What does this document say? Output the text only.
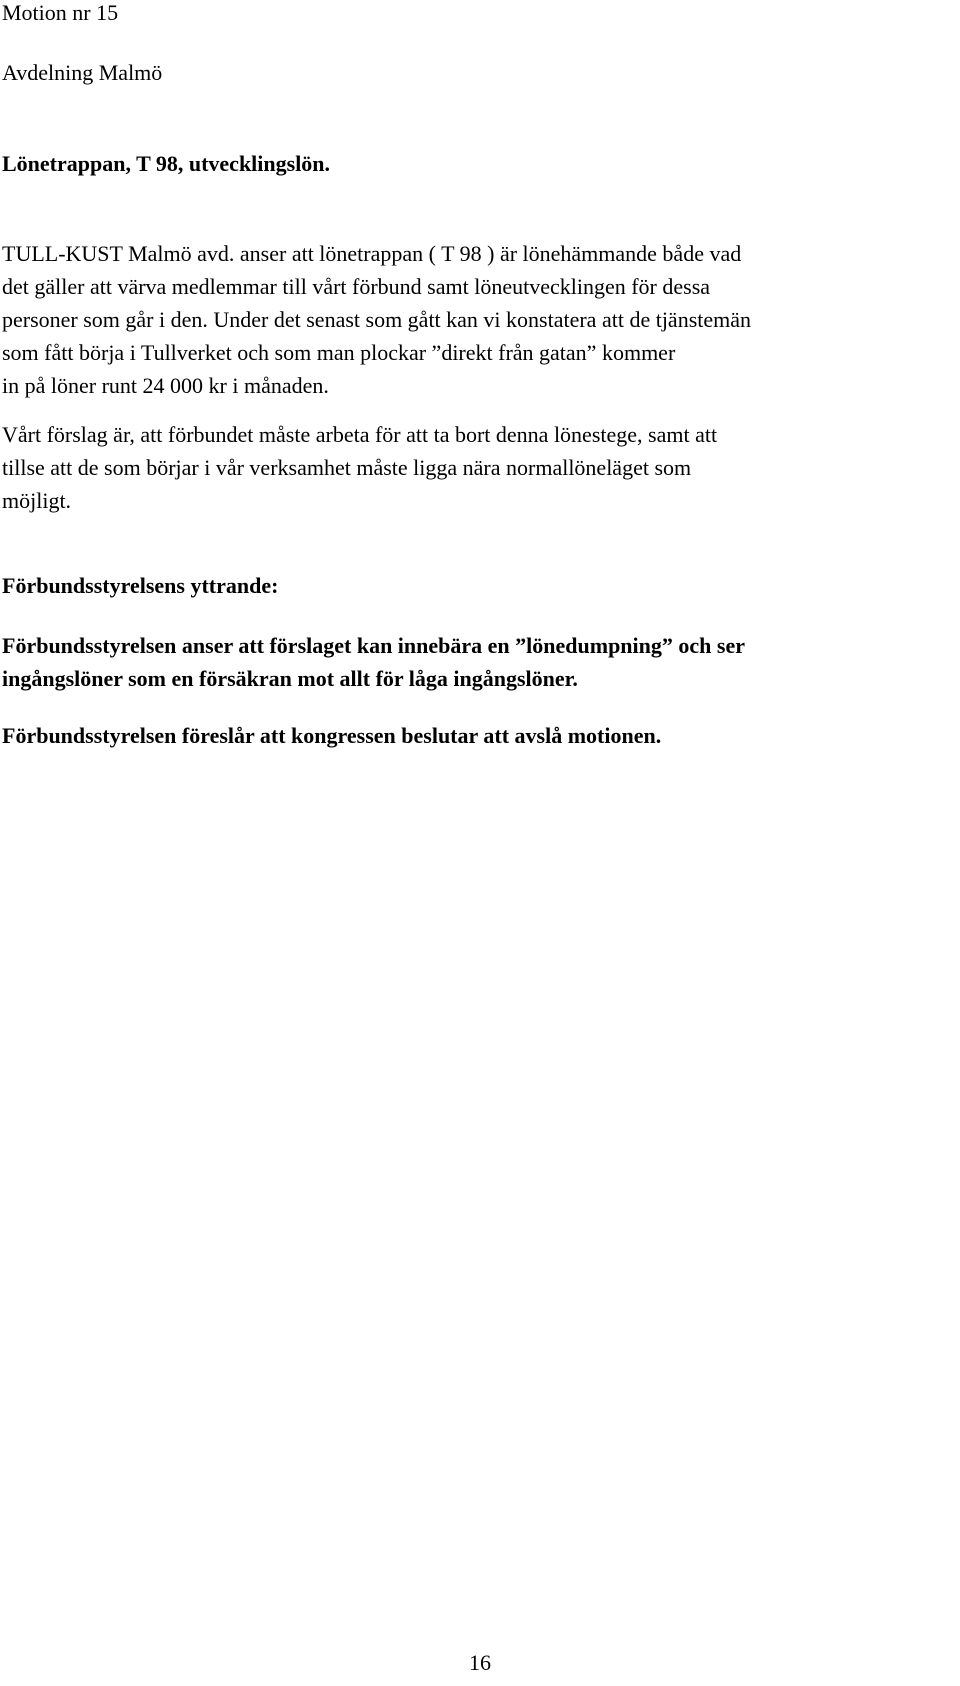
Motion nr 15

Avdelning Malmö

Lönetrappan, T 98, utvecklingslön.

TULL-KUST Malmö avd. anser att lönetrappan ( T 98 ) är lönehämmande både vad
det gäller att värva medlemmar till vårt förbund samt löneutvecklingen för dessa
personer som går i den. Under det senast som gått kan vi konstatera att de tjänstemän
som fått börja i Tullverket och som man plockar ”direkt från gatan” kommer
in på löner runt 24 000 kr i månaden.
Vårt förslag är, att förbundet måste arbeta för att ta bort denna lönestege, samt att
tillse att de som börjar i vår verksamhet måste ligga nära normallöneläget som
möjligt.

Förbundsstyrelsens yttrande:

Förbundsstyrelsen anser att förslaget kan innebära en ”lönedumpning” och ser
ingångslöner som en försäkran mot allt för låga ingångslöner.

Förbundsstyrelsen föreslår att kongressen beslutar att avslå motionen.

16
